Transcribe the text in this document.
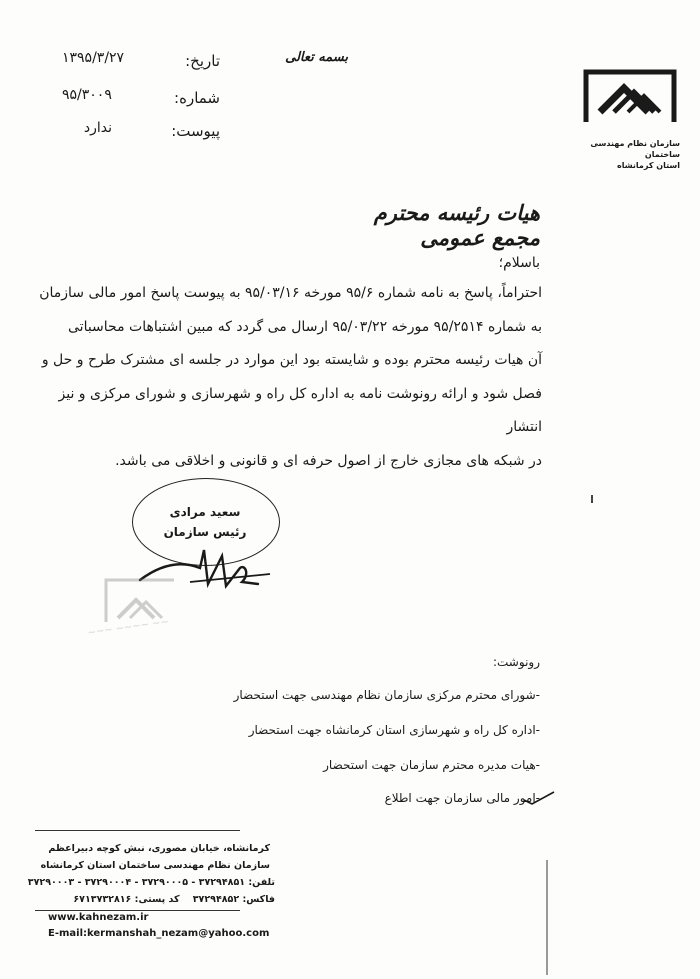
۱۳۹۵/۳/۲۷	تاریخ:	بسمه تعالی
۹۵/۳۰۰۹	شماره:
ندارد	پیوست:
سازمان نظام مهندسی ساختمان
استان کرمانشاه
هیات رئیسه محترم مجمع عمومی
باسلام؛
احتراماً، پاسخ به نامه شماره ۹۵/۶ مورخه ۹۵/۰۳/۱۶ به پیوست پاسخ امور مالی سازمان
به شماره ۹۵/۲۵۱۴ مورخه ۹۵/۰۳/۲۲ ارسال می گردد که مبین اشتباهات محاسباتی
آن هیات رئیسه محترم بوده و شایسته بود این موارد در جلسه ای مشترک طرح و حل و
فصل شود و ارائه رونوشت نامه به اداره کل راه و شهرسازی و شورای مرکزی و نیز انتشار
در شبکه های مجازی خارج از اصول حرفه ای و قانونی و اخلاقی می باشد.
سعید مرادی
رئیس سازمان
~~~ ~~~~ ~~
رونوشت:
-شورای محترم مرکزی سازمان نظام مهندسی جهت استحضار
-اداره کل راه و شهرسازی استان کرمانشاه جهت استحضار
-هیات مدیره محترم سازمان جهت استحضار
-امور مالی سازمان جهت اطلاع
کرمانشاه، خیابان مصوری، نبش کوچه دبیراعظم
سازمان نظام مهندسی ساختمان استان کرمانشاه
تلفن: ۳۷۲۹۴۸۵۱ - ۳۷۲۹۰۰۰۵ - ۳۷۲۹۰۰۰۴ - ۳۷۲۹۰۰۰۳
فاکس: ۳۷۲۹۴۸۵۲    کد پستی: ۶۷۱۳۷۳۲۸۱۶
www.kahnezam.ir
E-mail:kermanshah_nezam@yahoo.com
